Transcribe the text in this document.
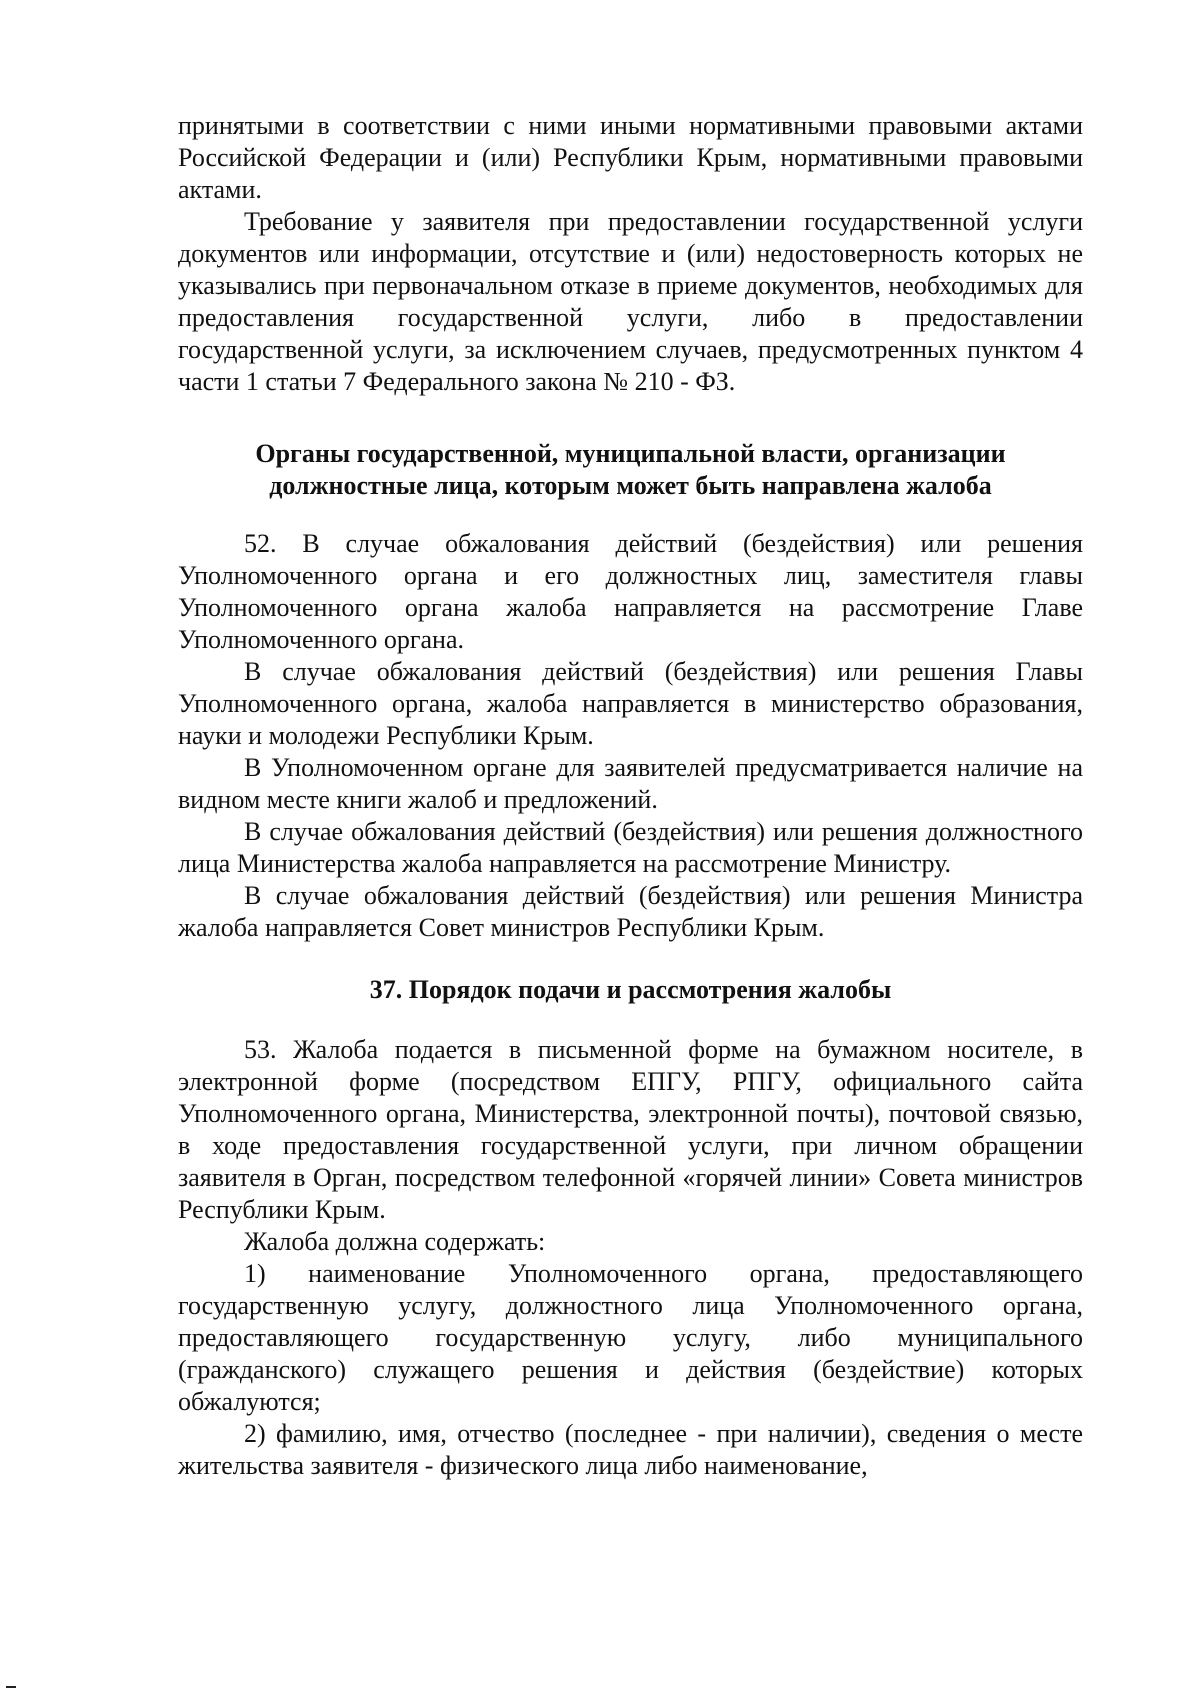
принятыми в соответствии с ними иными нормативными правовыми актами Российской Федерации и (или) Республики Крым, нормативными правовыми актами.

Требование у заявителя при предоставлении государственной услуги документов или информации, отсутствие и (или) недостоверность которых не указывались при первоначальном отказе в приеме документов, необходимых для предоставления государственной услуги, либо в предоставлении государственной услуги, за исключением случаев, предусмотренных пунктом 4 части 1 статьи 7 Федерального закона № 210 - ФЗ.

Органы государственной, муниципальной власти, организации должностные лица, которым может быть направлена жалоба

52. В случае обжалования действий (бездействия) или решения Уполномоченного органа и его должностных лиц, заместителя главы Уполномоченного органа жалоба направляется на рассмотрение Главе Уполномоченного органа.

В случае обжалования действий (бездействия) или решения Главы Уполномоченного органа, жалоба направляется в министерство образования, науки и молодежи Республики Крым.

В Уполномоченном органе для заявителей предусматривается наличие на видном месте книги жалоб и предложений.

В случае обжалования действий (бездействия) или решения должностного лица Министерства жалоба направляется на рассмотрение Министру.

В случае обжалования действий (бездействия) или решения Министра жалоба направляется Совет министров Республики Крым.

37. Порядок подачи и рассмотрения жалобы

53. Жалоба подается в письменной форме на бумажном носителе, в электронной форме (посредством ЕПГУ, РПГУ, официального сайта Уполномоченного органа, Министерства, электронной почты), почтовой связью, в ходе предоставления государственной услуги, при личном обращении заявителя в Орган, посредством телефонной «горячей линии» Совета министров Республики Крым.

Жалоба должна содержать:

1) наименование Уполномоченного органа, предоставляющего государственную услугу, должностного лица Уполномоченного органа, предоставляющего государственную услугу, либо муниципального (гражданского) служащего решения и действия (бездействие) которых обжалуются;

2) фамилию, имя, отчество (последнее - при наличии), сведения о месте жительства заявителя - физического лица либо наименование,
